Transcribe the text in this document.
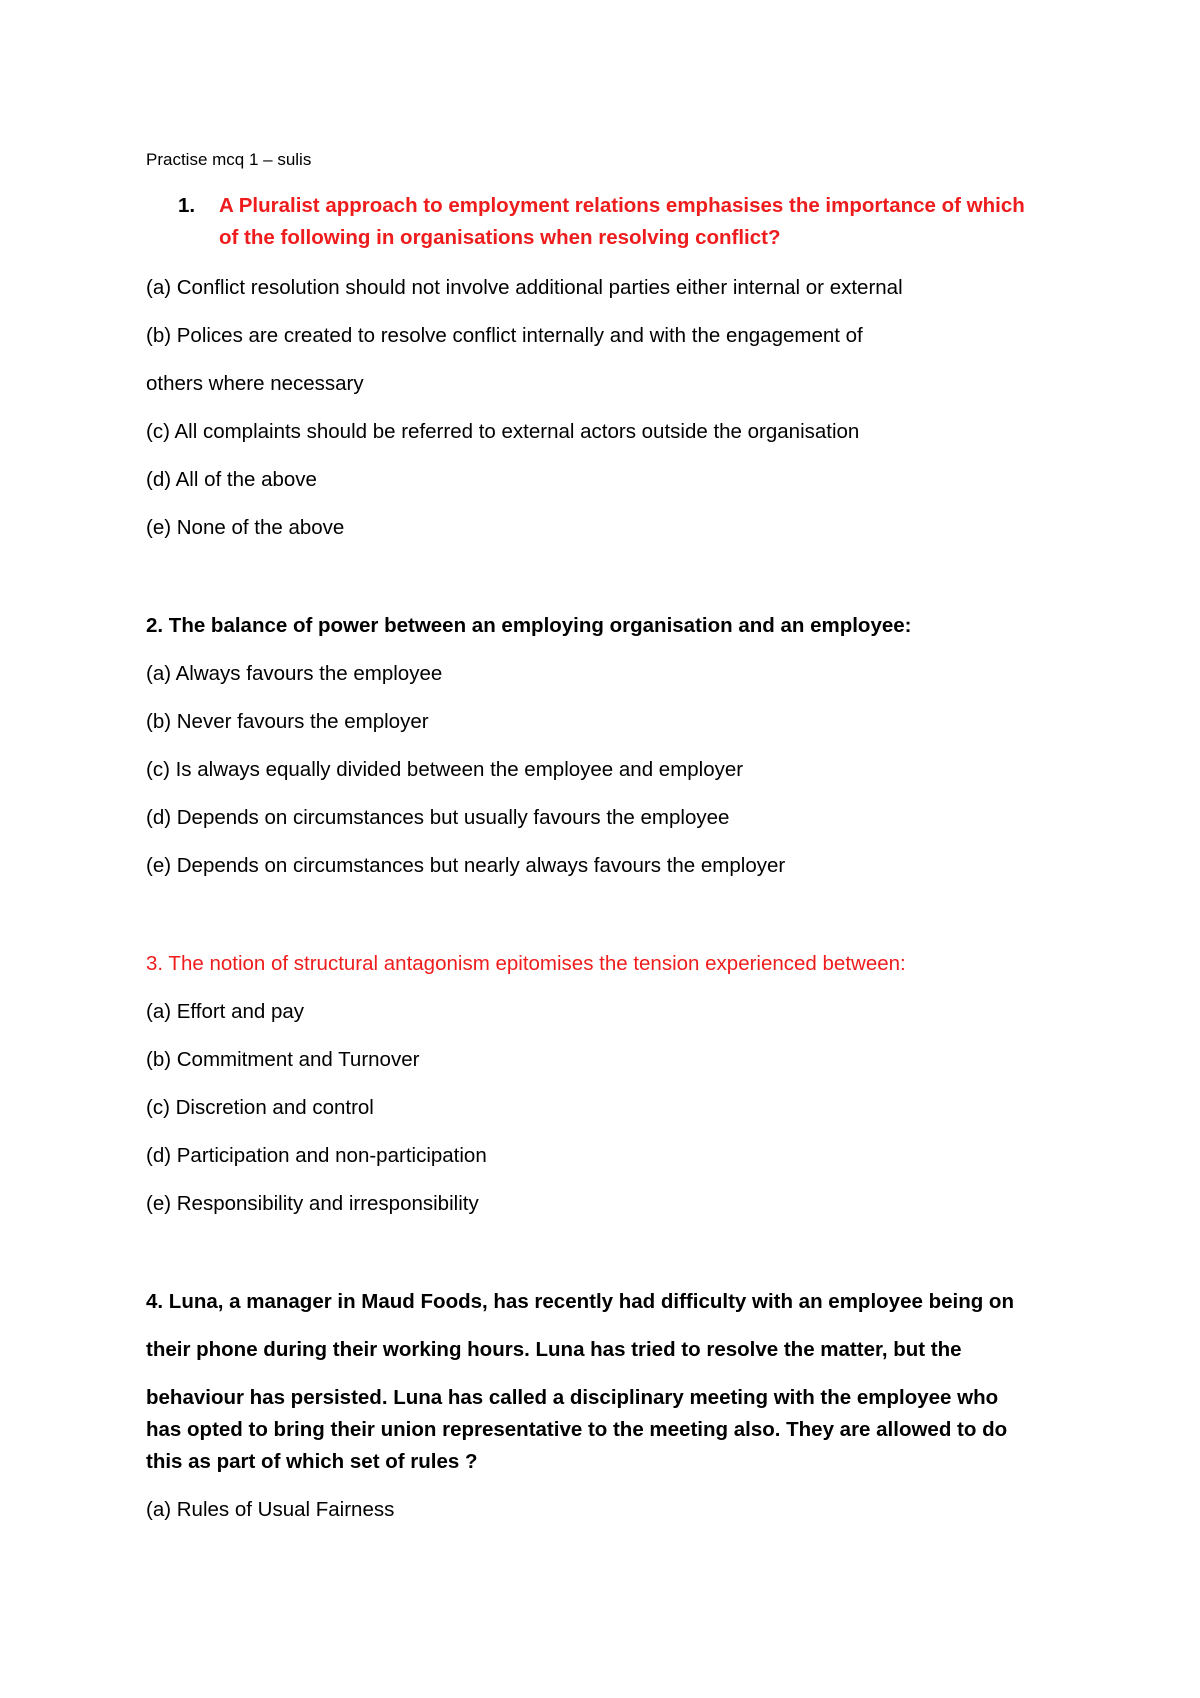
Practise mcq 1 – sulis
1. A Pluralist approach to employment relations emphasises the importance of which
of the following in organisations when resolving conflict?
(a) Conflict resolution should not involve additional parties either internal or external
(b) Polices are created to resolve conflict internally and with the engagement of
others where necessary
(c) All complaints should be referred to external actors outside the organisation
(d) All of the above
(e) None of the above
2. The balance of power between an employing organisation and an employee:
(a) Always favours the employee
(b) Never favours the employer
(c) Is always equally divided between the employee and employer
(d) Depends on circumstances but usually favours the employee
(e) Depends on circumstances but nearly always favours the employer
3. The notion of structural antagonism epitomises the tension experienced between:
(a) Effort and pay
(b) Commitment and Turnover
(c) Discretion and control
(d) Participation and non-participation
(e) Responsibility and irresponsibility
4. Luna, a manager in Maud Foods, has recently had difficulty with an employee being on
their phone during their working hours. Luna has tried to resolve the matter, but the
behaviour has persisted. Luna has called a disciplinary meeting with the employee who
has opted to bring their union representative to the meeting also. They are allowed to do
this as part of which set of rules ?
(a) Rules of Usual Fairness
